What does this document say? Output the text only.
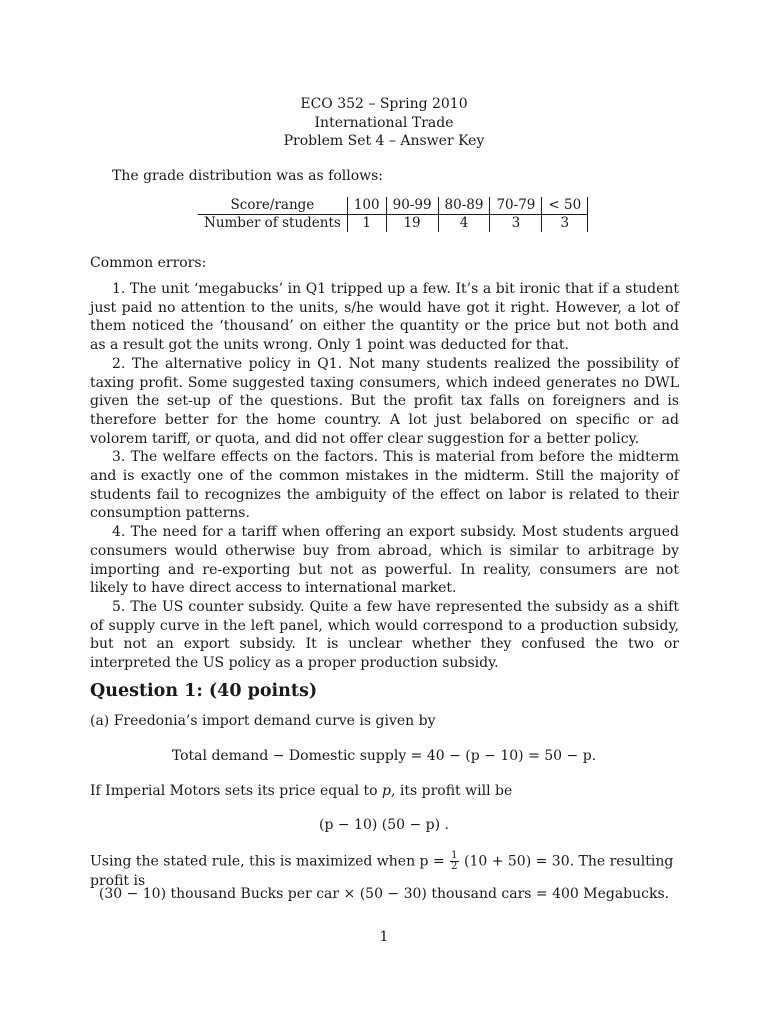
ECO 352 – Spring 2010
International Trade
Problem Set 4 – Answer Key
The grade distribution was as follows:
Score/range	100	90-99	80-89	70-79	< 50
Number of students	1	19	4	3	3
Common errors:

1. The unit ‘megabucks’ in Q1 tripped up a few. It’s a bit ironic that if a student just paid no attention to the units, s/he would have got it right. However, a lot of them noticed the ‘thousand’ on either the quantity or the price but not both and as a result got the units wrong. Only 1 point was deducted for that.

2. The alternative policy in Q1. Not many students realized the possibility of taxing profit. Some suggested taxing consumers, which indeed generates no DWL given the set-up of the questions. But the profit tax falls on foreigners and is therefore better for the home country. A lot just belabored on specific or ad volorem tariff, or quota, and did not offer clear suggestion for a better policy.

3. The welfare effects on the factors. This is material from before the midterm and is exactly one of the common mistakes in the midterm. Still the majority of students fail to recognizes the ambiguity of the effect on labor is related to their consumption patterns.

4. The need for a tariff when offering an export subsidy. Most students argued consumers would otherwise buy from abroad, which is similar to arbitrage by importing and re-exporting but not as powerful. In reality, consumers are not likely to have direct access to international market.

5. The US counter subsidy. Quite a few have represented the subsidy as a shift of supply curve in the left panel, which would correspond to a production subsidy, but not an export subsidy. It is unclear whether they confused the two or interpreted the US policy as a proper production subsidy.

Question 1: (40 points)
(a) Freedonia’s import demand curve is given by
Total demand − Domestic supply = 40 − (p − 10) = 50 − p.
If Imperial Motors sets its price equal to p, its profit will be
(p − 10) (50 − p) .
Using the stated rule, this is maximized when $p = \frac{1}{2} (10 + 50) = 30$. The resulting profit is
(30 − 10) thousand Bucks per car × (50 − 30) thousand cars = 400 Megabucks.
1
